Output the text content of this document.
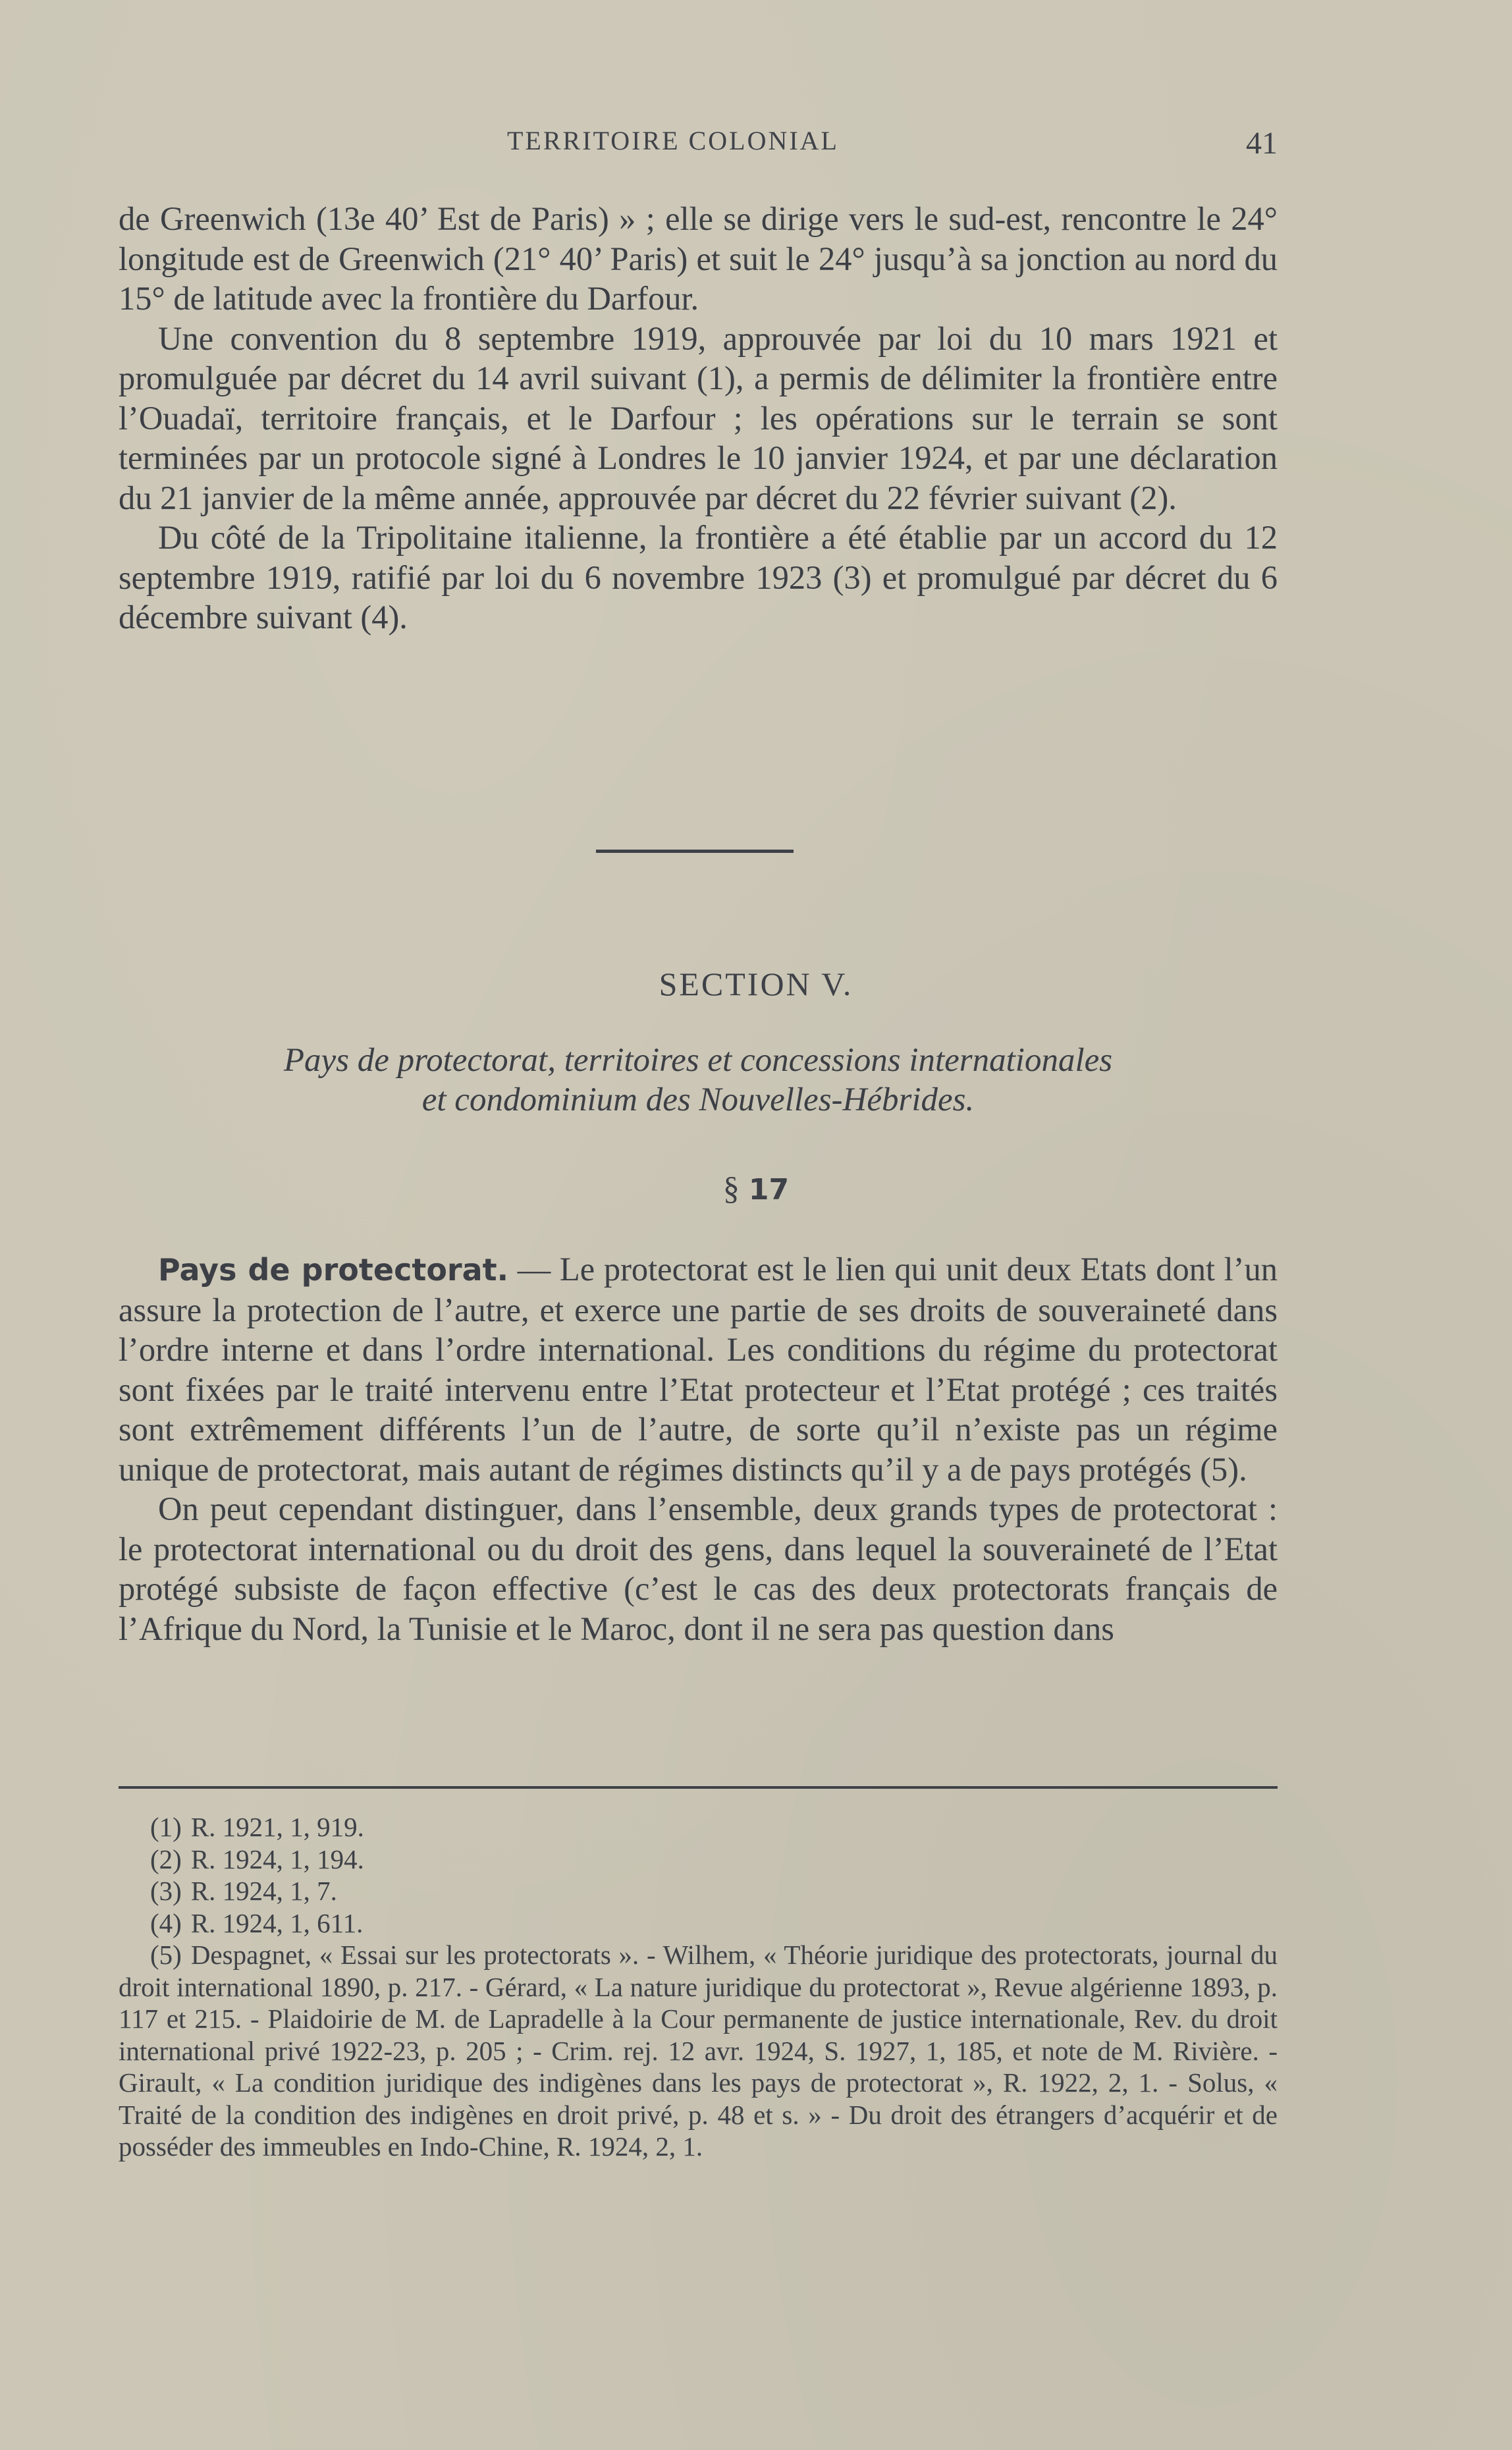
TERRITOIRE COLONIAL	41

de Greenwich (13e 40’ Est de Paris) » ; elle se dirige vers le sud-est, rencontre le 24° longitude est de Greenwich (21° 40’ Paris) et suit le 24° jusqu’à sa jonction au nord du 15° de latitude avec la frontière du Darfour.

Une convention du 8 septembre 1919, approuvée par loi du 10 mars 1921 et promulguée par décret du 14 avril suivant (1), a permis de délimiter la frontière entre l’Ouadaï, territoire français, et le Darfour ; les opérations sur le terrain se sont terminées par un protocole signé à Londres le 10 janvier 1924, et par une déclaration du 21 janvier de la même année, approuvée par décret du 22 février suivant (2).

Du côté de la Tripolitaine italienne, la frontière a été établie par un accord du 12 septembre 1919, ratifié par loi du 6 novembre 1923 (3) et promulgué par décret du 6 décembre suivant (4).

SECTION V.
Pays de protectorat, territoires et concessions internationales
et condominium des Nouvelles-Hébrides.
§ 17

Pays de protectorat. — Le protectorat est le lien qui unit deux Etats dont l’un assure la protection de l’autre, et exerce une partie de ses droits de souveraineté dans l’ordre interne et dans l’ordre international. Les conditions du régime du protectorat sont fixées par le traité intervenu entre l’Etat protecteur et l’Etat protégé ; ces traités sont extrêmement différents l’un de l’autre, de sorte qu’il n’existe pas un régime unique de protectorat, mais autant de régimes distincts qu’il y a de pays protégés (5).

On peut cependant distinguer, dans l’ensemble, deux grands types de protectorat : le protectorat international ou du droit des gens, dans lequel la souveraineté de l’Etat protégé subsiste de façon effective (c’est le cas des deux protectorats français de l’Afrique du Nord, la Tunisie et le Maroc, dont il ne sera pas question dans

(1) R. 1921, 1, 919.

(2) R. 1924, 1, 194.

(3) R. 1924, 1, 7.

(4) R. 1924, 1, 611.

(5) Despagnet, « Essai sur les protectorats ». - Wilhem, « Théorie juridique des protectorats, journal du droit international 1890, p. 217. - Gérard, « La nature juridique du protectorat », Revue algérienne 1893, p. 117 et 215. - Plaidoirie de M. de Lapradelle à la Cour permanente de justice internationale, Rev. du droit international privé 1922-23, p. 205 ; - Crim. rej. 12 avr. 1924, S. 1927, 1, 185, et note de M. Rivière. - Girault, « La condition juridique des indigènes dans les pays de protectorat », R. 1922, 2, 1. - Solus, « Traité de la condition des indigènes en droit privé, p. 48 et s. » - Du droit des étrangers d’acquérir et de posséder des immeubles en Indo-Chine, R. 1924, 2, 1.
